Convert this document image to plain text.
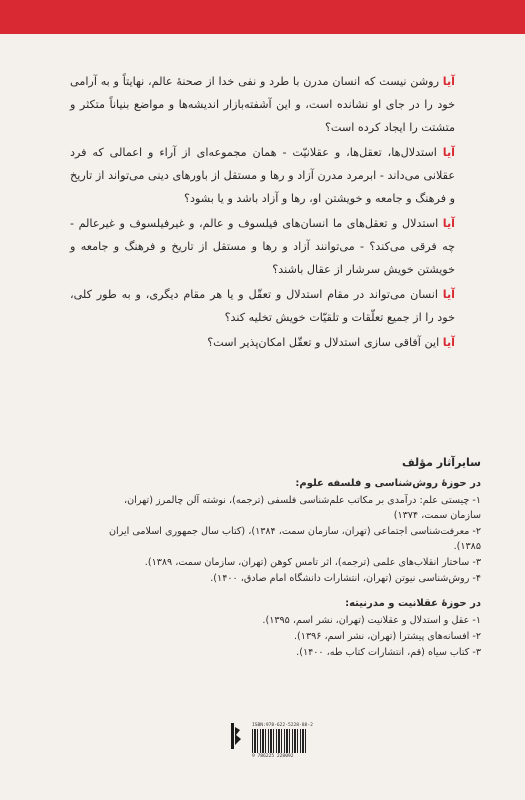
آیا روشن نیست که انسان مدرن با طرد و نفی خدا از صحنهٔ عالم، نهایتاً و به آرامی خود را در جای او نشانده است، و این آشفته‌بازار اندیشه‌ها و مواضع بنیاناً متکثر و متشتت را ایجاد کرده است؟

آیا استدلال‌ها، تعقل‌ها، و عقلانیّت - همان مجموعه‌ای از آراء و اعمالی که فرد عقلانی می‌داند - ابرمرد مدرن آزاد و رها و مستقل از باورهای دینی می‌تواند از تاریخ و فرهنگ و جامعه و خویشتن او، رها و آزاد باشد و یا بشود؟

آیا استدلال و تعقل‌های ما انسان‌های فیلسوف و عالم، و غیرفیلسوف و غیرعالم - چه فرقی می‌کند؟ - می‌توانند آزاد و رها و مستقل از تاریخ و فرهنگ و جامعه و خویشتن خویش سرشار از عقال باشند؟

آیا انسان می‌تواند در مقام استدلال و تعقّل و یا هر مقام دیگری، و به طور کلی، خود را از جمیع تعلّقات و تلقیّات خویش تخلیه کند؟

آیا این آفاقی سازی استدلال و تعقّل امکان‌پذیر است؟

سایرآثار مؤلف
در حوزهٔ روش‌شناسی و فلسفه علوم:
۱- چیستی علم: درآمدی بر مکاتب علم‌شناسی فلسفی (ترجمه)، نوشته آلن چالمرز (تهران، سازمان سمت، ۱۳۷۴)
۲- معرفت‌شناسی اجتماعی (تهران، سازمان سمت، ۱۳۸۴)، (کتاب سال جمهوری اسلامی ایران ۱۳۸۵).
۳- ساختار انقلاب‌های علمی (ترجمه)، اثر تامس کوهن (تهران، سازمان سمت، ۱۳۸۹).
۴- روش‌شناسی نیوتن (تهران، انتشارات دانشگاه امام صادق، ۱۴۰۰).
در حوزهٔ عقلانیت و مدرنیته:
۱- عقل و استدلال و عقلانیت (تهران، نشر اسم، ۱۳۹۵).
۲- افسانه‌های پیشترا (تهران، نشر اسم، ۱۳۹۶).
۳- کتاب سیاه (قم، انتشارات کتاب طه، ۱۴۰۰).
ISBN:978-622-5228-88-2
9 786225 228092
